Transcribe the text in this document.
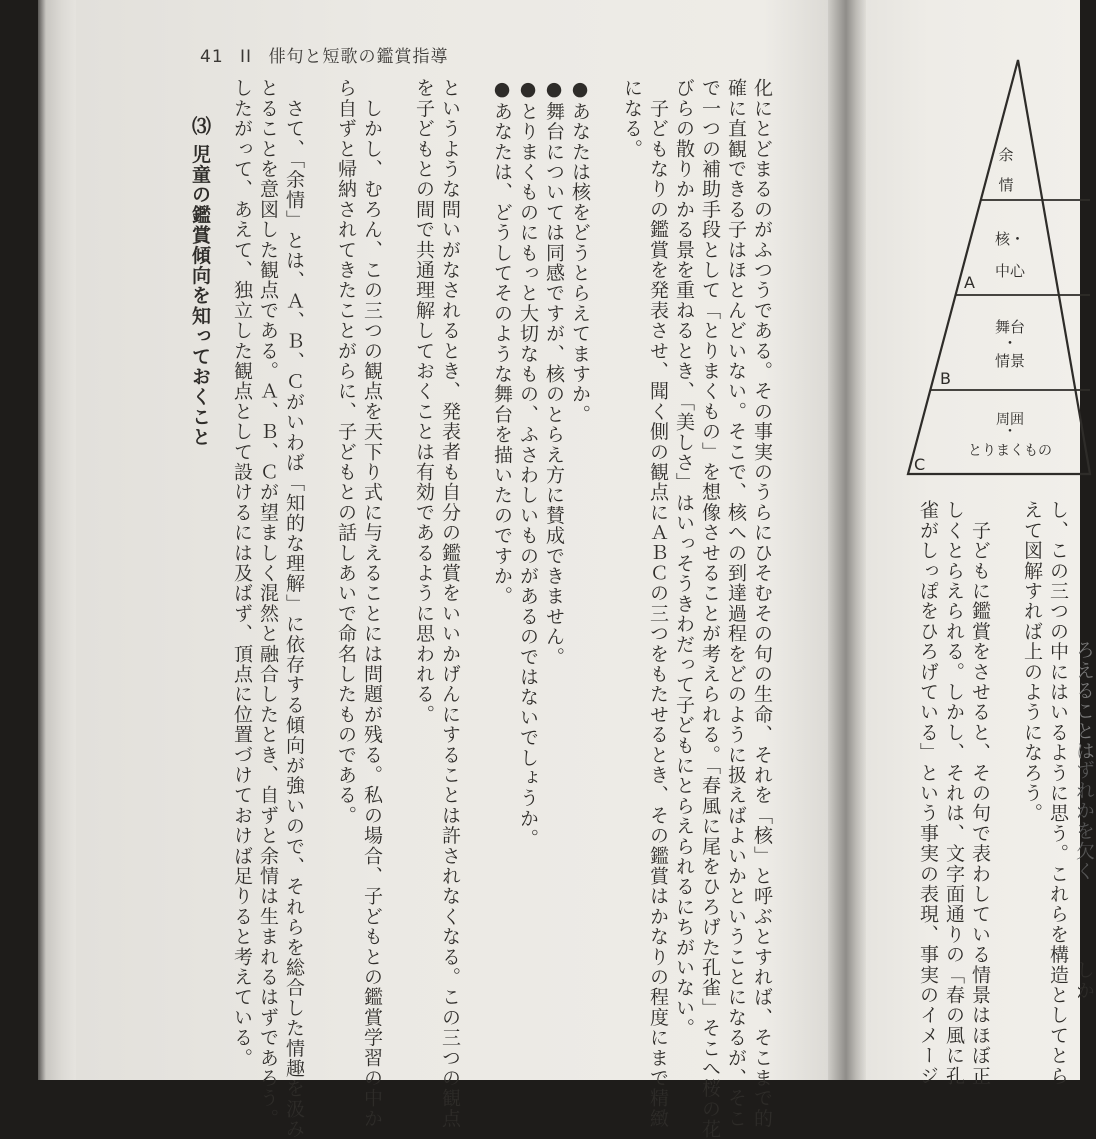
41 II 俳句と短歌の鑑賞指導
化にとどまるのがふつうである。その事実のうらにひそむその句の生命、それを「核」と呼ぶとすれば、そこまで的
確に直観できる子はほとんどいない。そこで、核への到達過程をどのように扱えばよいかということになるが、そこ
で一つの補助手段として「とりまくもの」を想像させることが考えられる。「春風に尾をひろげた孔雀」そこへ桜の花
びらの散りかかる景を重ねるとき、「美しさ」はいっそうきわだって子どもにとらえられるにちがいない。
　子どもなりの鑑賞を発表させ、聞く側の観点にＡＢＣの三つをもたせるとき、その鑑賞はかなりの程度にまで精緻
になる。
●あなたは核をどうとらえてますか。
●舞台については同感ですが、核のとらえ方に賛成できません。
●とりまくものにもっと大切なもの、ふさわしいものがあるのではないでしょうか。
●あなたは、どうしてそのような舞台を描いたのですか。
というような問いがなされるとき、発表者も自分の鑑賞をいいかげんにすることは許されなくなる。この三つの観点
を子どもとの間で共通理解しておくことは有効であるように思われる。
　しかし、むろん、この三つの観点を天下り式に与えることには問題が残る。私の場合、子どもとの鑑賞学習の中か
ら自ずと帰納されてきたことがらに、子どもとの話しあいで命名したものである。
　さて、「余情」とは、Ａ、Ｂ、Ｃがいわば「知的な理解」に依存する傾向が強いので、それらを総合した情趣を汲み
とることを意図した観点である。Ａ、Ｂ、Ｃが望ましく混然と融合したとき、自ずと余情は生まれるはずであろう。
したがって、あえて、独立した観点として設けるには及ばず、頂点に位置づけておけば足りると考えている。
⑶ 児童の鑑賞傾向を知っておくこと	余
情
核・
中心
A
舞台
・
情景
B
周囲
・
とりまくもの
C
し、この三つの中にはいるように思う。これらを構造としてとら
えて図解すれば上のようになろう。
　子どもに鑑賞をさせると、その句で表わしている情景はほぼ正
しくとらえられる。しかし、それは、文字面通りの「春の風に孔
雀がしっぽをひろげている」という事実の表現、事実のイメージ	しか
ずれかを欠く
ろえることは
